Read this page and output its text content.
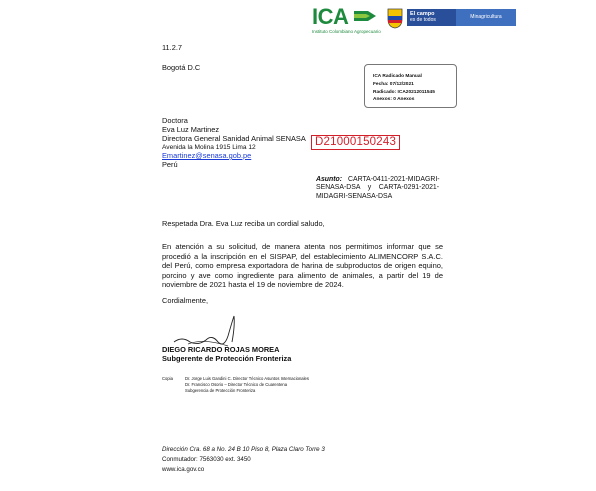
ICA
Instituto Colombiano Agropecuario
El campo
es de todos	Minagricultura
11.2.7
Bogotá D.C
ICA Radicado Manual
Fecha: 07/12/2021
Radicado: ICA20212011545
Anexos: 0 Anexos
Doctora
Eva Luz Martinez
Directora General Sanidad Animal SENASA
Avenida la Molina 1915 Lima 12
Emartinez@senasa.gob.pe
Perú
D21000150243
Asunto: CARTA-0411-2021-MIDAGRI-
SENASA-DSA    y    CARTA-0291-2021-
MIDAGRI-SENASA-DSA
Respetada Dra. Eva Luz reciba un cordial saludo,
En atención a su solicitud, de manera atenta nos permitimos informar que se procedió a la inscripción en el SISPAP, del establecimiento ALIMENCORP S.A.C. del Perú, como empresa exportadora de harina de subproductos de origen equino, porcino y ave como ingrediente para alimento de animales, a partir del 19 de noviembre de 2021 hasta el 19 de noviembre de 2024.
Cordialmente,
DIEGO RICARDO ROJAS MOREA
Subgerente de Protección Fronteriza
Copia	Dr. Jorge Luis Gandini C. Director Técnico Asuntos Internacionales
Dr. Francisco Osorio – Director Técnico de Cuarentena
Subgerencia de Protección Fronteriza
Dirección Cra. 68 a No. 24 B 10 Piso 8, Plaza Claro Torre 3
Conmutador: 7563030 ext. 3450
www.ica.gov.co
